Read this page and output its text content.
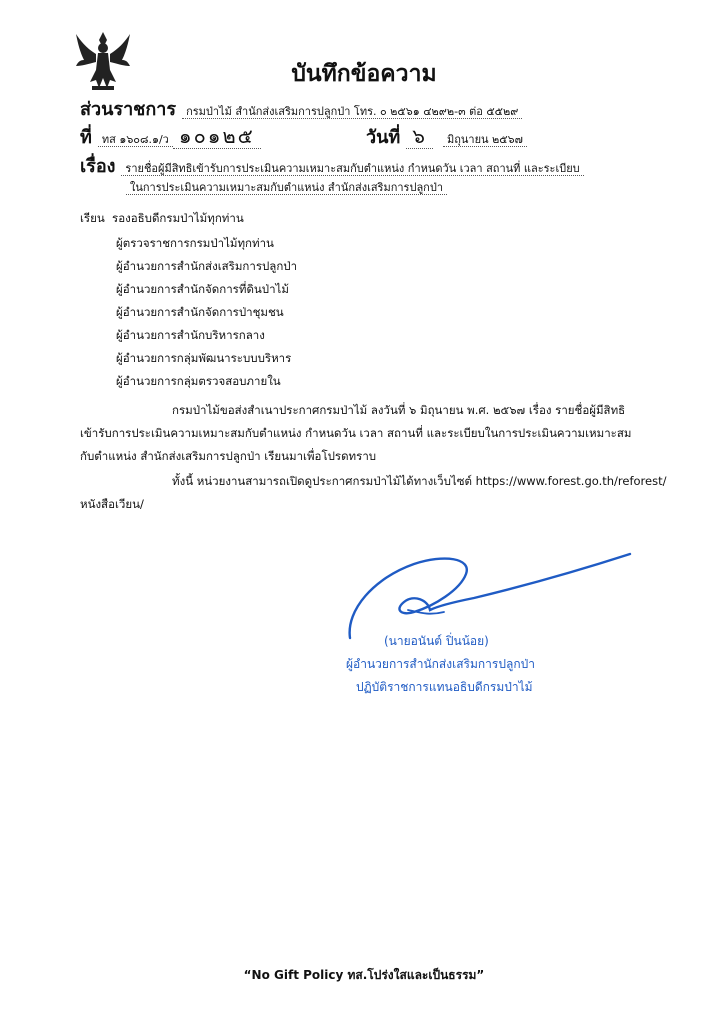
บันทึกข้อความ
ส่วนราชการ กรมป่าไม้ สำนักส่งเสริมการปลูกป่า โทร. ๐ ๒๕๖๑ ๔๒๙๒-๓ ต่อ ๕๕๒๙
ที่ทส ๑๖๐๘.๑/ว ๑๐๑๒๕	วันที่ ๖ มิถุนายน ๒๕๖๗
เรื่อง รายชื่อผู้มีสิทธิเข้ารับการประเมินความเหมาะสมกับตำแหน่ง กำหนดวัน เวลา สถานที่ และระเบียบ
ในการประเมินความเหมาะสมกับตำแหน่ง สำนักส่งเสริมการปลูกป่า
เรียน รองอธิบดีกรมป่าไม้ทุกท่าน
ผู้ตรวจราชการกรมป่าไม้ทุกท่าน
ผู้อำนวยการสำนักส่งเสริมการปลูกป่า
ผู้อำนวยการสำนักจัดการที่ดินป่าไม้
ผู้อำนวยการสำนักจัดการป่าชุมชน
ผู้อำนวยการสำนักบริหารกลาง
ผู้อำนวยการกลุ่มพัฒนาระบบบริหาร
ผู้อำนวยการกลุ่มตรวจสอบภายใน
กรมป่าไม้ขอส่งสำเนาประกาศกรมป่าไม้ ลงวันที่ ๖ มิถุนายน พ.ศ. ๒๕๖๗ เรื่อง รายชื่อผู้มีสิทธิ
เข้ารับการประเมินความเหมาะสมกับตำแหน่ง กำหนดวัน เวลา สถานที่ และระเบียบในการประเมินความเหมาะสม
กับตำแหน่ง สำนักส่งเสริมการปลูกป่า เรียนมาเพื่อโปรดทราบ
ทั้งนี้ หน่วยงานสามารถเปิดดูประกาศกรมป่าไม้ได้ทางเว็บไซต์ https://www.forest.go.th/reforest/
หนังสือเวียน/
(นายอนันต์ ปิ่นน้อย)
ผู้อำนวยการสำนักส่งเสริมการปลูกป่า
ปฏิบัติราชการแทนอธิบดีกรมป่าไม้
“No Gift Policy ทส.โปร่งใสและเป็นธรรม”
